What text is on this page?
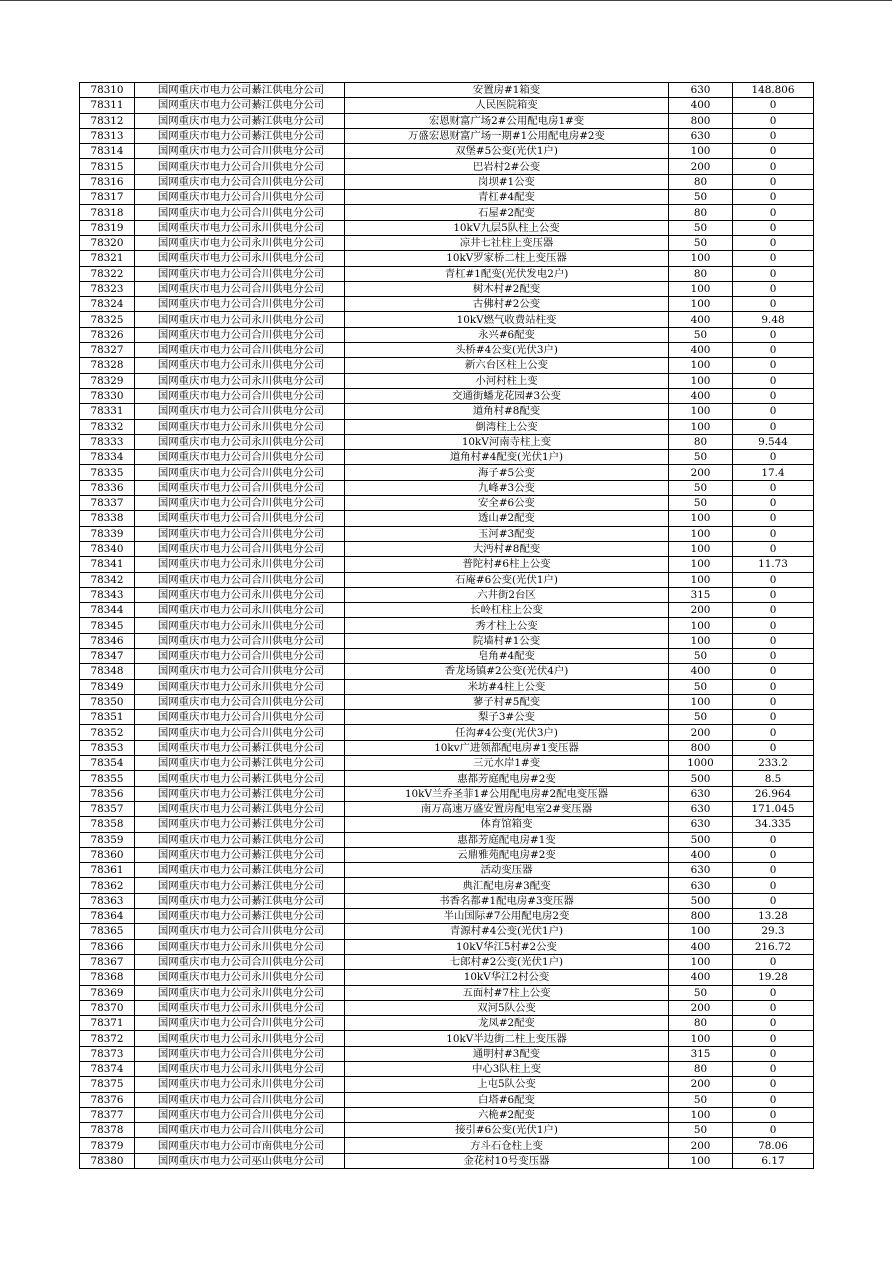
78310	国网重庆市电力公司綦江供电分公司	安置房#1箱变	630	148.806
78311	国网重庆市电力公司綦江供电分公司	人民医院箱变	400	0
78312	国网重庆市电力公司綦江供电分公司	宏恩财富广场2#公用配电房1#变	800	0
78313	国网重庆市电力公司綦江供电分公司	万盛宏恩财富广场一期#1公用配电房#2变	630	0
78314	国网重庆市电力公司合川供电分公司	双堡#5公变(光伏1户)	100	0
78315	国网重庆市电力公司合川供电分公司	巴岩村2#公变	200	0
78316	国网重庆市电力公司合川供电分公司	岗坝#1公变	80	0
78317	国网重庆市电力公司合川供电分公司	青杠#4配变	50	0
78318	国网重庆市电力公司合川供电分公司	石屋#2配变	80	0
78319	国网重庆市电力公司永川供电分公司	10kV九层5队柱上公变	50	0
78320	国网重庆市电力公司永川供电分公司	凉井七社柱上变压器	50	0
78321	国网重庆市电力公司永川供电分公司	10kV罗家桥二柱上变压器	100	0
78322	国网重庆市电力公司合川供电分公司	青杠#1配变(光伏发电2户)	80	0
78323	国网重庆市电力公司合川供电分公司	树木村#2配变	100	0
78324	国网重庆市电力公司合川供电分公司	古佛村#2公变	100	0
78325	国网重庆市电力公司永川供电分公司	10kV燃气收费站柱变	400	9.48
78326	国网重庆市电力公司合川供电分公司	永兴#6配变	50	0
78327	国网重庆市电力公司合川供电分公司	头桥#4公变(光伏3户)	400	0
78328	国网重庆市电力公司永川供电分公司	新六台区柱上公变	100	0
78329	国网重庆市电力公司永川供电分公司	小河村柱上变	100	0
78330	国网重庆市电力公司合川供电分公司	交通街蟠龙花园#3公变	400	0
78331	国网重庆市电力公司合川供电分公司	道角村#8配变	100	0
78332	国网重庆市电力公司永川供电分公司	倒湾柱上公变	100	0
78333	国网重庆市电力公司永川供电分公司	10kV河南寺柱上变	80	9.544
78334	国网重庆市电力公司合川供电分公司	道角村#4配变(光伏1户)	50	0
78335	国网重庆市电力公司合川供电分公司	海子#5公变	200	17.4
78336	国网重庆市电力公司合川供电分公司	九峰#3公变	50	0
78337	国网重庆市电力公司合川供电分公司	安全#6公变	50	0
78338	国网重庆市电力公司合川供电分公司	透山#2配变	100	0
78339	国网重庆市电力公司合川供电分公司	玉河#3配变	100	0
78340	国网重庆市电力公司合川供电分公司	大沔村#8配变	100	0
78341	国网重庆市电力公司永川供电分公司	普陀村#6柱上公变	100	11.73
78342	国网重庆市电力公司合川供电分公司	石庵#6公变(光伏1户)	100	0
78343	国网重庆市电力公司永川供电分公司	六井街2台区	315	0
78344	国网重庆市电力公司永川供电分公司	长岭杠柱上公变	200	0
78345	国网重庆市电力公司永川供电分公司	秀才柱上公变	100	0
78346	国网重庆市电力公司合川供电分公司	院墙村#1公变	100	0
78347	国网重庆市电力公司合川供电分公司	皂角#4配变	50	0
78348	国网重庆市电力公司合川供电分公司	香龙场镇#2公变(光伏4户)	400	0
78349	国网重庆市电力公司永川供电分公司	米坊#4柱上公变	50	0
78350	国网重庆市电力公司合川供电分公司	蓼子村#5配变	100	0
78351	国网重庆市电力公司合川供电分公司	梨子3#公变	50	0
78352	国网重庆市电力公司合川供电分公司	任沟#4公变(光伏3户)	200	0
78353	国网重庆市电力公司綦江供电分公司	10kv广进领都配电房#1变压器	800	0
78354	国网重庆市电力公司綦江供电分公司	三元水岸1#变	1000	233.2
78355	国网重庆市电力公司綦江供电分公司	惠都芳庭配电房#2变	500	8.5
78356	国网重庆市电力公司綦江供电分公司	10kV兰乔圣菲1#公用配电房#2配电变压器	630	26.964
78357	国网重庆市电力公司綦江供电分公司	南万高速万盛安置房配电室2#变压器	630	171.045
78358	国网重庆市电力公司綦江供电分公司	体育馆箱变	630	34.335
78359	国网重庆市电力公司綦江供电分公司	惠都芳庭配电房#1变	500	0
78360	国网重庆市电力公司綦江供电分公司	云鼎雅苑配电房#2变	400	0
78361	国网重庆市电力公司綦江供电分公司	活动变压器	630	0
78362	国网重庆市电力公司綦江供电分公司	典汇配电房#3配变	630	0
78363	国网重庆市电力公司綦江供电分公司	书香名都#1配电房#3变压器	500	0
78364	国网重庆市电力公司綦江供电分公司	半山国际#7公用配电房2变	800	13.28
78365	国网重庆市电力公司合川供电分公司	青源村#4公变(光伏1户)	100	29.3
78366	国网重庆市电力公司永川供电分公司	10kV华江5村#2公变	400	216.72
78367	国网重庆市电力公司合川供电分公司	七郎村#2公变(光伏1户)	100	0
78368	国网重庆市电力公司永川供电分公司	10kV华江2村公变	400	19.28
78369	国网重庆市电力公司永川供电分公司	五面村#7柱上公变	50	0
78370	国网重庆市电力公司永川供电分公司	双河5队公变	200	0
78371	国网重庆市电力公司合川供电分公司	龙凤#2配变	80	0
78372	国网重庆市电力公司永川供电分公司	10kV半边街二柱上变压器	100	0
78373	国网重庆市电力公司合川供电分公司	通明村#3配变	315	0
78374	国网重庆市电力公司永川供电分公司	中心3队柱上变	80	0
78375	国网重庆市电力公司永川供电分公司	上屯5队公变	200	0
78376	国网重庆市电力公司合川供电分公司	白塔#6配变	50	0
78377	国网重庆市电力公司合川供电分公司	六桅#2配变	100	0
78378	国网重庆市电力公司合川供电分公司	接引#6公变(光伏1户)	50	0
78379	国网重庆市电力公司市南供电分公司	方斗石仓柱上变	200	78.06
78380	国网重庆市电力公司巫山供电分公司	金花村10号变压器	100	6.17
